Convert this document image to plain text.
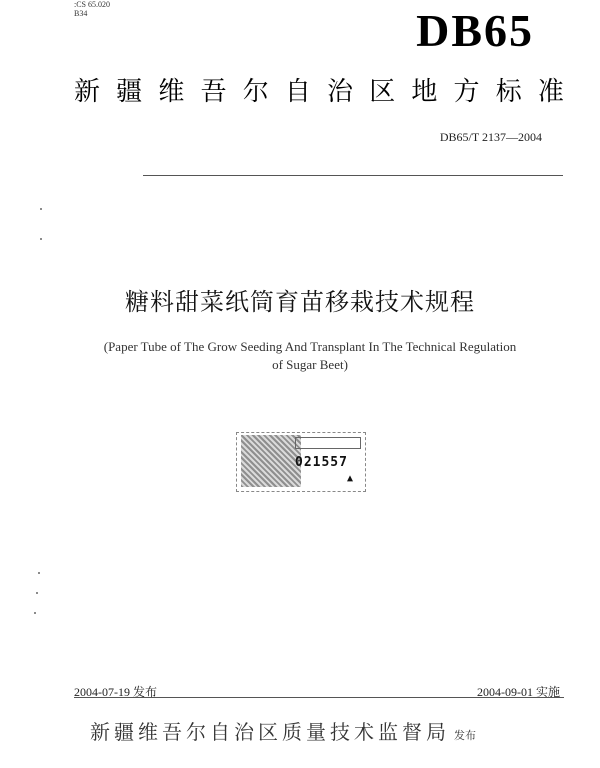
:CS 65.020
B34	DB65
新 疆 维 吾 尔 自 治 区 地 方 标 准
DB65/T 2137—2004
糖料甜菜纸筒育苗移栽技术规程
(Paper Tube of The Grow Seeding And Transplant In The Technical Regulation
of Sugar Beet)
021557
▲
2004-07-19 发布	2004-09-01 实施
新疆维吾尔自治区质量技术监督局 发布
